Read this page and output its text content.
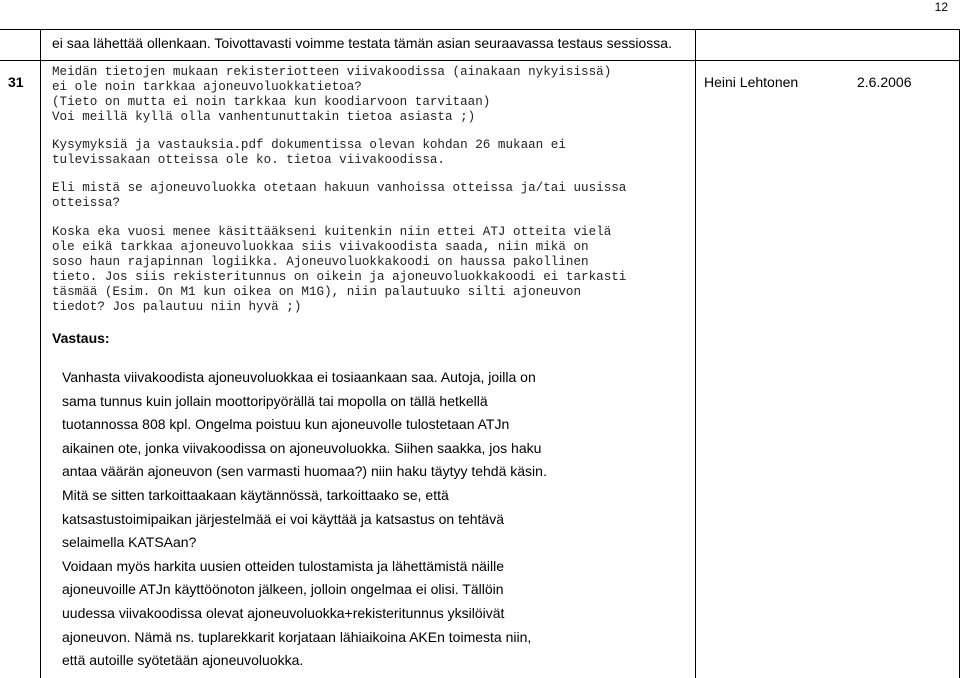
12
ei saa lähettää ollenkaan. Toivottavasti voimme testata tämän asian seuraavassa testaus sessiossa.
31
Meidän tietojen mukaan rekisteriotteen viivakoodissa (ainakaan nykyisissä)
ei ole noin tarkkaa ajoneuvoluokkatietoa?
(Tieto on mutta ei noin tarkkaa kun koodiarvoon tarvitaan)
Voi meillä kyllä olla vanhentunuttakin tietoa asiasta ;)
Heini Lehtonen	2.6.2006
Kysymyksiä ja vastauksia.pdf dokumentissa olevan kohdan 26 mukaan ei
tulevissakaan otteissa ole ko. tietoa viivakoodissa.
Eli mistä se ajoneuvoluokka otetaan hakuun vanhoissa otteissa ja/tai uusissa
otteissa?
Koska eka vuosi menee käsittääkseni kuitenkin niin ettei ATJ otteita vielä
ole eikä tarkkaa ajoneuvoluokkaa siis viivakoodista saada, niin mikä on
soso haun rajapinnan logiikka. Ajoneuvoluokkakoodi on haussa pakollinen
tieto. Jos siis rekisteritunnus on oikein ja ajoneuvoluokkakoodi ei tarkasti
täsmää (Esim. On M1 kun oikea on M1G), niin palautuuko silti ajoneuvon
tiedot? Jos palautuu niin hyvä ;)
Vastaus:

Vanhasta viivakoodista ajoneuvoluokkaa ei tosiaankaan saa. Autoja, joilla on

sama tunnus kuin jollain moottoripyörällä tai mopolla on tällä hetkellä

tuotannossa 808 kpl. Ongelma poistuu kun ajoneuvolle tulostetaan ATJn

aikainen ote, jonka viivakoodissa on ajoneuvoluokka. Siihen saakka, jos haku

antaa väärän ajoneuvon (sen varmasti huomaa?) niin haku täytyy tehdä käsin.

Mitä se sitten tarkoittaakaan käytännössä, tarkoittaako se, että

katsastustoimipaikan järjestelmää ei voi käyttää ja katsastus on tehtävä

selaimella KATSAan?

Voidaan myös harkita uusien otteiden tulostamista ja lähettämistä näille

ajoneuvoille ATJn käyttöönoton jälkeen, jolloin ongelmaa ei olisi. Tällöin

uudessa viivakoodissa olevat ajoneuvoluokka+rekisteritunnus yksilöivät

ajoneuvon. Nämä ns. tuplarekkarit korjataan lähiaikoina AKEn toimesta niin,

että autoille syötetään ajoneuvoluokka.
